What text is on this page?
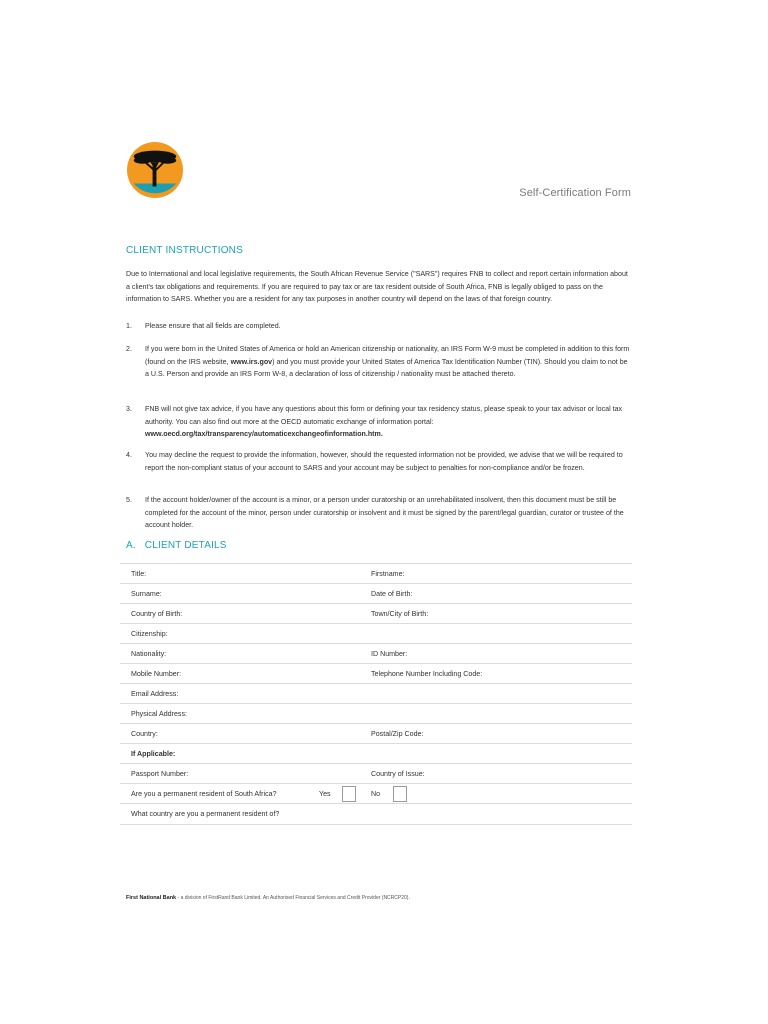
Self-Certification Form
CLIENT INSTRUCTIONS
Due to International and local legislative requirements, the South African Revenue Service ("SARS") requires FNB to collect and report certain information about a client's tax obligations and requirements. If you are required to pay tax or are tax resident outside of South Africa, FNB is legally obliged to pass on the information to SARS. Whether you are a resident for any tax purposes in another country will depend on the laws of that foreign country.
1. Please ensure that all fields are completed.
2. If you were born in the United States of America or hold an American citizenship or nationality, an IRS Form W-9 must be completed in addition to this form (found on the IRS website, www.irs.gov) and you must provide your United States of America Tax Identification Number (TIN). Should you claim to not be a U.S. Person and provide an IRS Form W-8, a declaration of loss of citizenship / nationality must be attached thereto.
3. FNB will not give tax advice, if you have any questions about this form or defining your tax residency status, please speak to your tax advisor or local tax authority. You can also find out more at the OECD automatic exchange of information portal:
www.oecd.org/tax/transparency/automaticexchangeofinformation.htm.
4. You may decline the request to provide the information, however, should the requested information not be provided, we advise that we will be required to report the non-compliant status of your account to SARS and your account may be subject to penalties for non-compliance and/or be frozen.
5. If the account holder/owner of the account is a minor, or a person under curatorship or an unrehabilitated insolvent, then this document must be still be completed for the account of the minor, person under curatorship or insolvent and it must be signed by the parent/legal guardian, curator or trustee of the account holder.
A.   CLIENT DETAILS
Title:	Firstname:
Surname:	Date of Birth:
Country of Birth:	Town/City of Birth:
Citizenship:
Nationality:	ID Number:
Mobile Number:	Telephone Number Including Code:
Email Address:
Physical Address:
Country:	Postal/Zip Code:
If Applicable:
Passport Number:	Country of Issue:
Are you a permanent resident of South Africa?	Yes	No
What country are you a permanent resident of?
First National Bank - a division of FirstRand Bank Limited. An Authorised Financial Services and Credit Provider (NCRCP20).
